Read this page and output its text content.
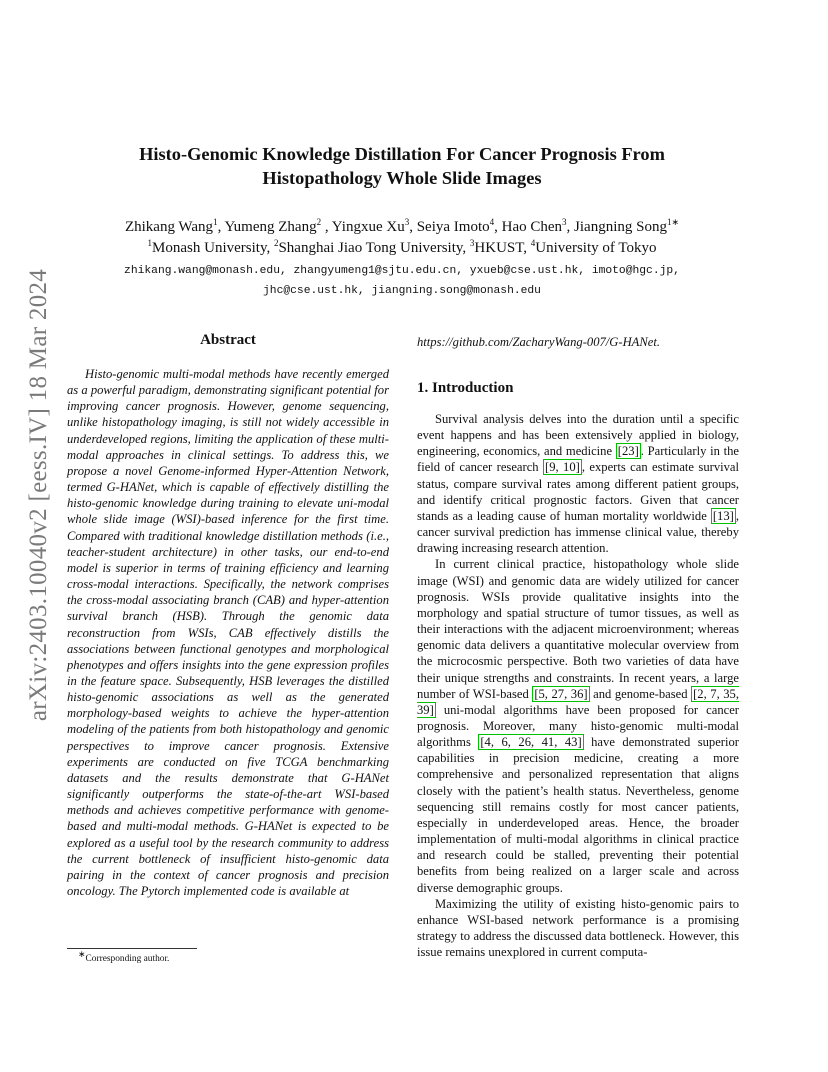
arXiv:2403.10040v2 [eess.IV] 18 Mar 2024
Histo-Genomic Knowledge Distillation For Cancer Prognosis From
Histopathology Whole Slide Images
Zhikang Wang$^1$, Yumeng Zhang$^2$ , Yingxue Xu$^3$, Seiya Imoto$^4$, Hao Chen$^3$, Jiangning Song$^{1∗}$
$^1$Monash University, $^2$Shanghai Jiao Tong University, $^3$HKUST, $^4$University of Tokyo
zhikang.wang@monash.edu, zhangyumeng1@sjtu.edu.cn, yxueb@cse.ust.hk, imoto@hgc.jp,
jhc@cse.ust.hk, jiangning.song@monash.edu
Abstract

Histo-genomic multi-modal methods have recently emerged as a powerful paradigm, demonstrating significant potential for improving cancer prognosis. However, genome sequencing, unlike histopathology imaging, is still not widely accessible in underdeveloped regions, limiting the application of these multi-modal approaches in clinical settings. To address this, we propose a novel Genome-informed Hyper-Attention Network, termed G-HANet, which is capable of effectively distilling the histo-genomic knowledge during training to elevate uni-modal whole slide image (WSI)-based inference for the first time. Compared with traditional knowledge distillation methods (i.e., teacher-student architecture) in other tasks, our end-to-end model is superior in terms of training efficiency and learning cross-modal interactions. Specifically, the network comprises the cross-modal associating branch (CAB) and hyper-attention survival branch (HSB). Through the genomic data reconstruction from WSIs, CAB effectively distills the associations between functional genotypes and morphological phenotypes and offers insights into the gene expression profiles in the feature space. Subsequently, HSB leverages the distilled histo-genomic associations as well as the generated morphology-based weights to achieve the hyper-attention modeling of the patients from both histopathology and genomic perspectives to improve cancer prognosis. Extensive experiments are conducted on five TCGA benchmarking datasets and the results demonstrate that G-HANet significantly outperforms the state-of-the-art WSI-based methods and achieves competitive performance with genome-based and multi-modal methods. G-HANet is expected to be explored as a useful tool by the research community to address the current bottleneck of insufficient histo-genomic data pairing in the context of cancer prognosis and precision oncology. The Pytorch implemented code is available at

https://github.com/ZacharyWang-007/G-HANet.
1. Introduction

Survival analysis delves into the duration until a specific event happens and has been extensively applied in biology, engineering, economics, and medicine [23] . Particularly in the field of cancer research [9, 10] , experts can estimate survival status, compare survival rates among different patient groups, and identify critical prognostic factors. Given that cancer stands as a leading cause of human mortality worldwide [13] , cancer survival prediction has immense clinical value, thereby drawing increasing research attention.

In current clinical practice, histopathology whole slide image (WSI) and genomic data are widely utilized for cancer prognosis. WSIs provide qualitative insights into the morphology and spatial structure of tumor tissues, as well as their interactions with the adjacent microenvironment; whereas genomic data delivers a quantitative molecular overview from the microcosmic perspective. Both two varieties of data have their unique strengths and constraints. In recent years, a large number of WSI-based [5, 27, 36] and genome-based [2, 7, 35, 39] uni-modal algorithms have been proposed for cancer prognosis. Moreover, many histo-genomic multi-modal algorithms [4, 6, 26, 41, 43] have demonstrated superior capabilities in precision medicine, creating a more comprehensive and personalized representation that aligns closely with the patient’s health status. Nevertheless, genome sequencing still remains costly for most cancer patients, especially in underdeveloped areas. Hence, the broader implementation of multi-modal algorithms in clinical practice and research could be stalled, preventing their potential benefits from being realized on a larger scale and across diverse demographic groups.

Maximizing the utility of existing histo-genomic pairs to enhance WSI-based network performance is a promising strategy to address the discussed data bottleneck. However, this issue remains unexplored in current computa-

∗Corresponding author.
